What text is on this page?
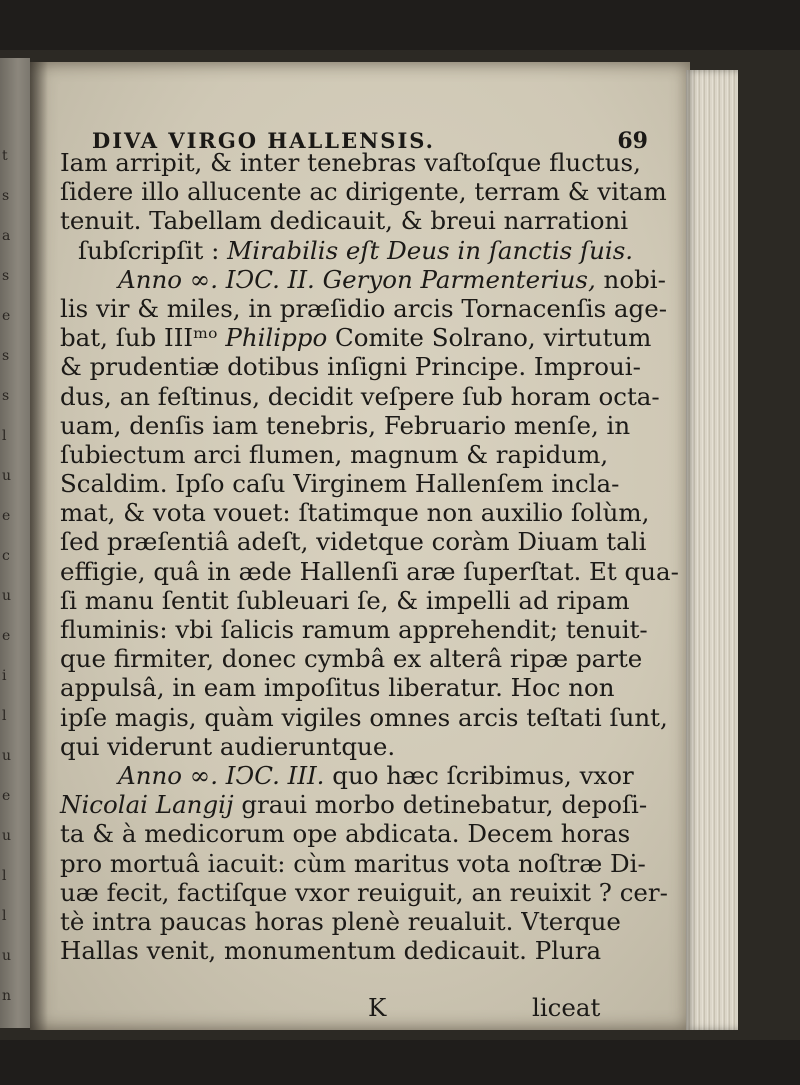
t
s
a
s
e
s
s
l
u
e
c
u
e
i
l
u
e
u
l
l
u
n
DIVA VIRGO HALLENSIS.	69
Iam arripit, & inter tenebras vaſtoſque fluctus,
ſidere illo allucente ac dirigente, terram & vitam
tenuit. Tabellam dedicauit, & breui narrationi
ſubſcripſit : Mirabilis eſt Deus in ſanctis ſuis.
Anno ∞. IϽC. II. Geryon Parmenterius, nobi-
lis vir & miles, in præſidio arcis Tornacenſis age-
bat, ſub IIIᵐᵒ Philippo Comite Solrano, virtutum
& prudentiæ dotibus inſigni Principe. Improui-
dus, an feſtinus, decidit veſpere ſub horam octa-
uam, denſis iam tenebris, Februario menſe, in
ſubiectum arci flumen, magnum & rapidum,
Scaldim. Ipſo caſu Virginem Hallenſem incla-
mat, & vota vouet: ſtatimque non auxilio ſolùm,
ſed præſentiâ adeſt, videtque coràm Diuam tali
effigie, quâ in æde Hallenſi aræ ſuperſtat. Et qua-
ſi manu ſentit ſubleuari ſe, & impelli ad ripam
fluminis: vbi ſalicis ramum apprehendit; tenuit-
que firmiter, donec cymbâ ex alterâ ripæ parte
appulsâ, in eam impoſitus liberatur. Hoc non
ipſe magis, quàm vigiles omnes arcis teſtati ſunt,
qui viderunt audieruntque.
Anno ∞. IϽC. III. quo hæc ſcribimus, vxor
Nicolai Langij graui morbo detinebatur, depoſi-
ta & à medicorum ope abdicata. Decem horas
pro mortuâ iacuit: cùm maritus vota noſtræ Di-
uæ fecit, factiſque vxor reuiguit, an reuixit ? cer-
tè intra paucas horas plenè reualuit. Vterque
Hallas venit, monumentum dedicauit. Plura
K	liceat
